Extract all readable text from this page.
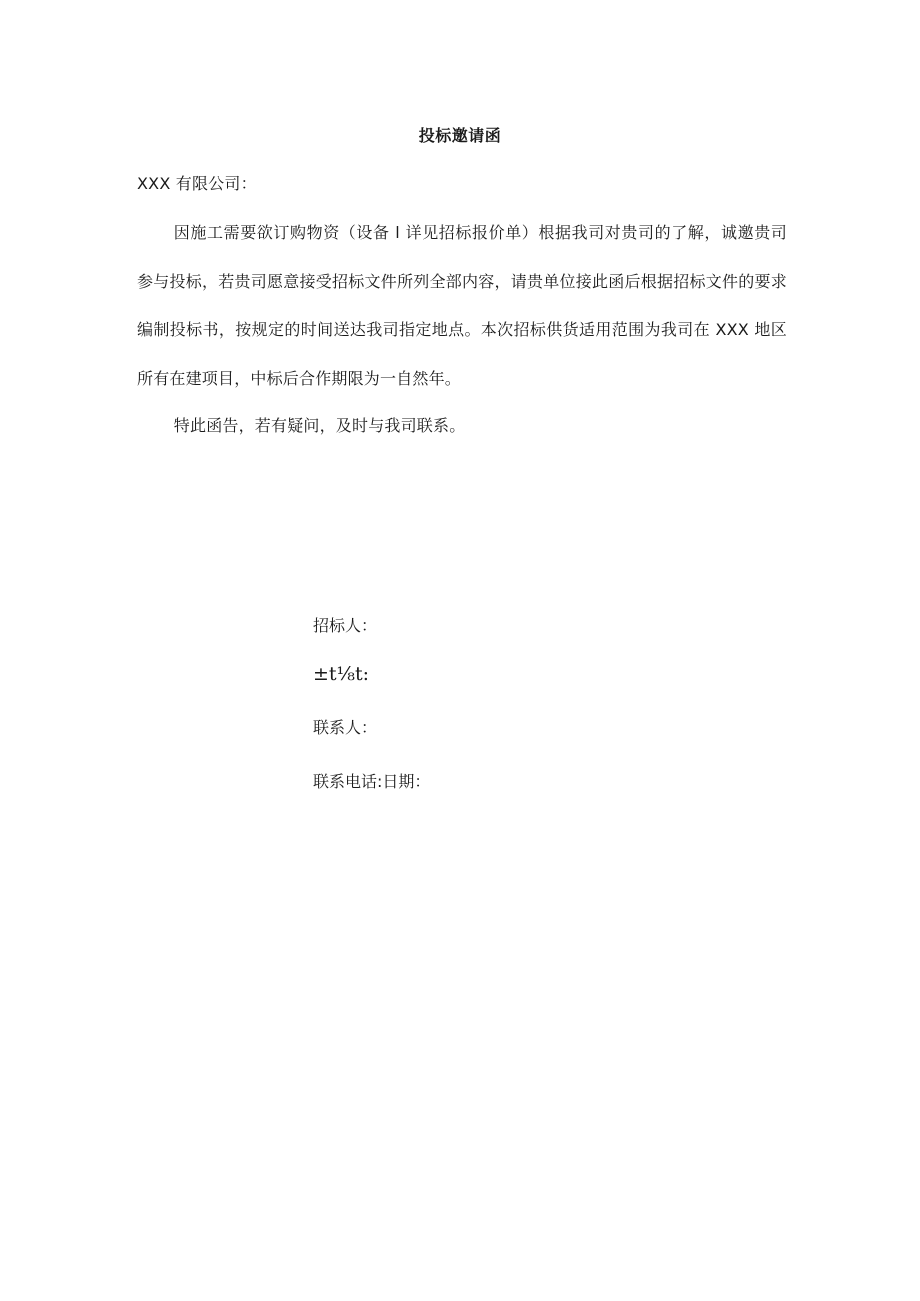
投标邀请函
XXX 有限公司：
因施工需要欲订购物资（设备 l 详见招标报价单）根据我司对贵司的了解，诚邀贵司参与投标，若贵司愿意接受招标文件所列全部内容，请贵单位接此函后根据招标文件的要求编制投标书，按规定的时间送达我司指定地点。本次招标供货适用范围为我司在 XXX 地区所有在建项目，中标后合作期限为一自然年。
特此函告，若有疑问，及时与我司联系。
招标人：
±t⅛t:
联系人：
联系电话:日期：
